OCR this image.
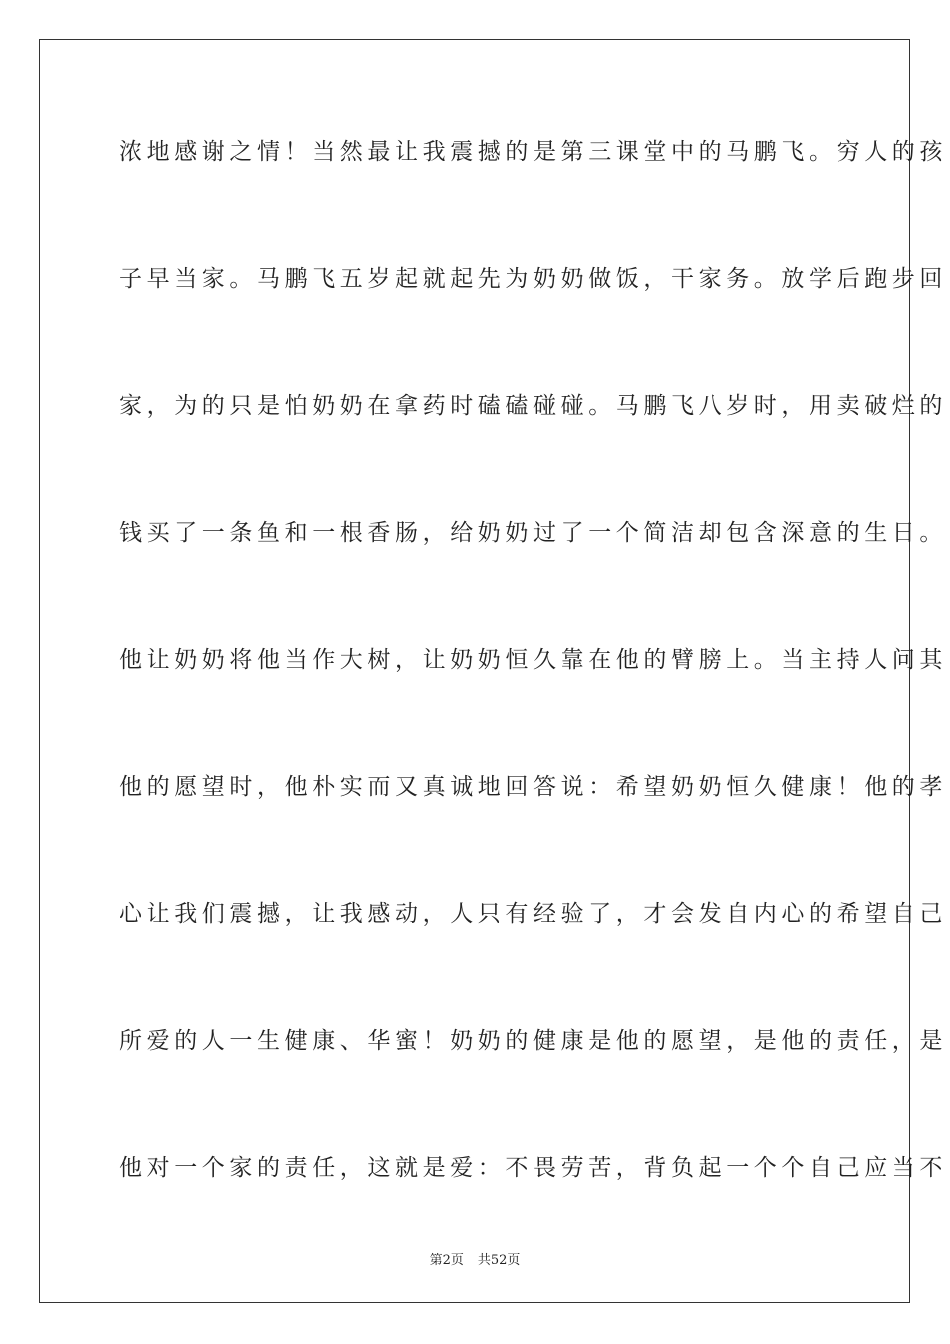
浓地感谢之情！当然最让我震撼的是第三课堂中的马鹏飞。穷人的孩
子早当家。马鹏飞五岁起就起先为奶奶做饭，干家务。放学后跑步回
家，为的只是怕奶奶在拿药时磕磕碰碰。马鹏飞八岁时，用卖破烂的
钱买了一条鱼和一根香肠，给奶奶过了一个简洁却包含深意的生日。
他让奶奶将他当作大树，让奶奶恒久靠在他的臂膀上。当主持人问其
他的愿望时，他朴实而又真诚地回答说：希望奶奶恒久健康！他的孝
心让我们震撼，让我感动，人只有经验了，才会发自内心的希望自己
所爱的人一生健康、华蜜！奶奶的健康是他的愿望，是他的责任，是
他对一个家的责任，这就是爱：不畏劳苦，背负起一个个自己应当不
第2页 共52页
